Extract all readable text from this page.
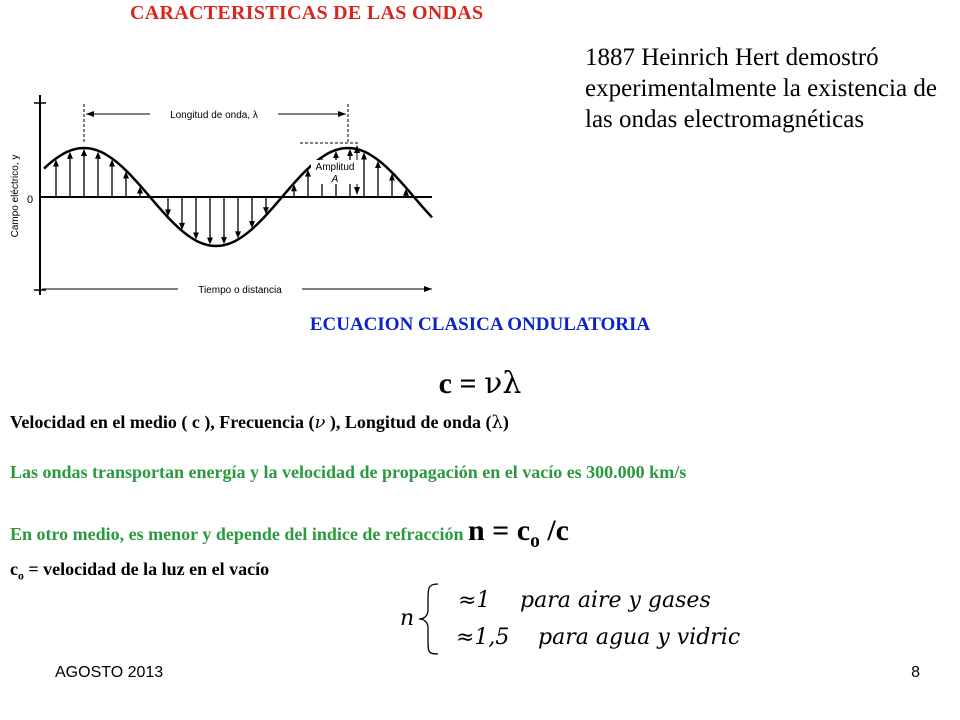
CARACTERISTICAS DE LAS ONDAS
1887 Heinrich Hert demostró experimentalmente la existencia de las ondas electromagnéticas
Campo eléctrico, y 0
Longitud de onda, λ
Amplitud
A
Tiempo o distancia
ECUACION CLASICA ONDULATORIA
c = νλ
Velocidad en el medio ( c ), Frecuencia (ν ), Longitud de onda (λ)
Las ondas transportan energía y la velocidad de propagación en el vacío es 300.000 km/s
En otro medio, es menor y depende del indice de refracción $n = c_o$ /c
$c_o$ = velocidad de la luz en el vacío
n
≈1 para aire y gases
≈1,5 para agua y vidric
AGOSTO 2013	8
